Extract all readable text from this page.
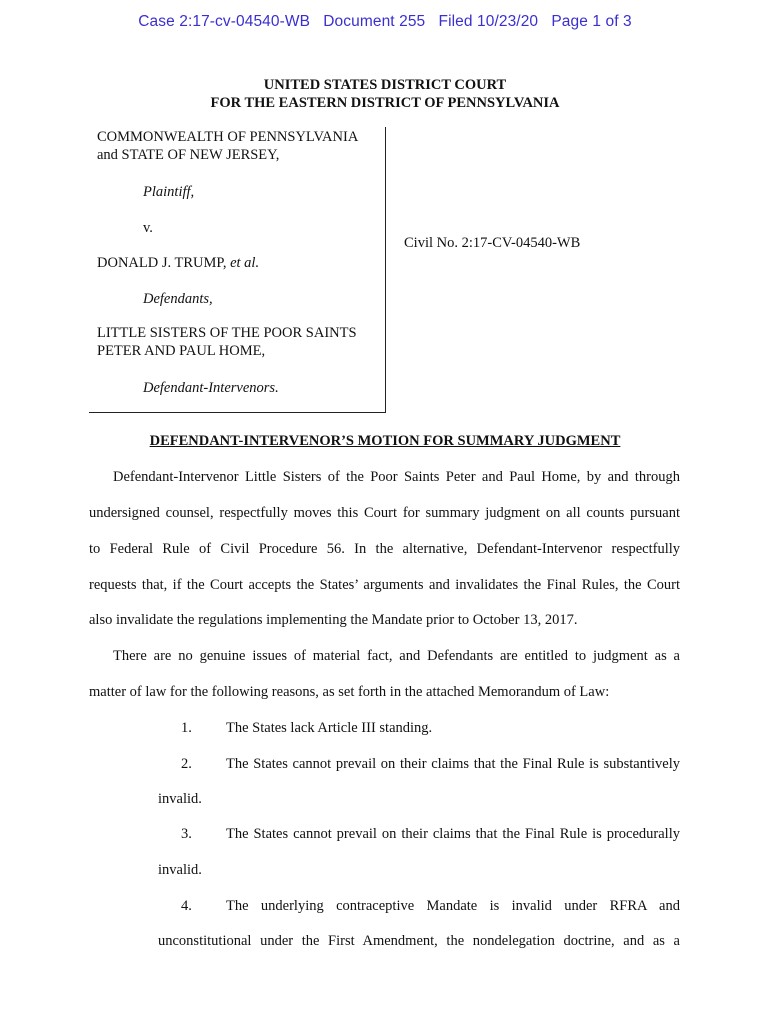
Case 2:17-cv-04540-WB   Document 255   Filed 10/23/20   Page 1 of 3
UNITED STATES DISTRICT COURT
FOR THE EASTERN DISTRICT OF PENNSYLVANIA
COMMONWEALTH OF PENNSYLVANIA
and STATE OF NEW JERSEY,
Plaintiff,
v.
DONALD J. TRUMP, et al.
Defendants,
LITTLE SISTERS OF THE POOR SAINTS
PETER AND PAUL HOME,
Defendant-Intervenors.
Civil No. 2:17-CV-04540-WB
DEFENDANT-INTERVENOR’S MOTION FOR SUMMARY JUDGMENT
Defendant-Intervenor Little Sisters of the Poor Saints Peter and Paul Home, by and through
undersigned counsel, respectfully moves this Court for summary judgment on all counts pursuant
to Federal Rule of Civil Procedure 56. In the alternative, Defendant-Intervenor respectfully
requests that, if the Court accepts the States’ arguments and invalidates the Final Rules, the Court
also invalidate the regulations implementing the Mandate prior to October 13, 2017.
There are no genuine issues of material fact, and Defendants are entitled to judgment as a
matter of law for the following reasons, as set forth in the attached Memorandum of Law:
1. The States lack Article III standing.
2. The States cannot prevail on their claims that the Final Rule is substantively
invalid.
3. The States cannot prevail on their claims that the Final Rule is procedurally
invalid.
4. The underlying contraceptive Mandate is invalid under RFRA and
unconstitutional under the First Amendment, the nondelegation doctrine, and as a
